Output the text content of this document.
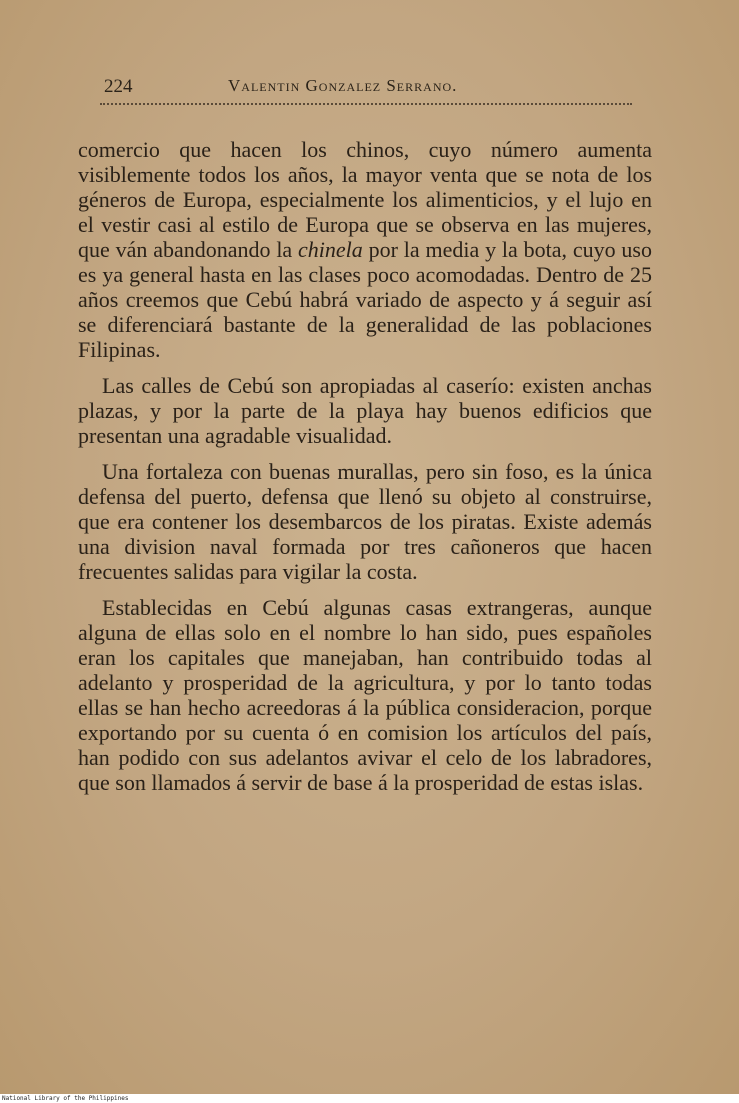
224	Valentin Gonzalez Serrano.

comercio que hacen los chinos, cuyo número aumenta visiblemente todos los años, la mayor venta que se nota de los géneros de Europa, especialmente los alimenticios, y el lujo en el vestir casi al estilo de Europa que se observa en las mujeres, que ván abandonando la chinela por la media y la bota, cuyo uso es ya general hasta en las clases poco acomodadas. Dentro de 25 años creemos que Cebú habrá variado de aspecto y á seguir así se diferenciará bastante de la generalidad de las poblaciones Filipinas.

Las calles de Cebú son apropiadas al caserío: existen anchas plazas, y por la parte de la playa hay buenos edificios que presentan una agradable visualidad.

Una fortaleza con buenas murallas, pero sin foso, es la única defensa del puerto, defensa que llenó su objeto al construirse, que era contener los desembarcos de los piratas. Existe además una division naval formada por tres cañoneros que hacen frecuentes salidas para vigilar la costa.

Establecidas en Cebú algunas casas extrangeras, aunque alguna de ellas solo en el nombre lo han sido, pues españoles eran los capitales que manejaban, han contribuido todas al adelanto y prosperidad de la agricultura, y por lo tanto todas ellas se han hecho acreedoras á la pública consideracion, porque exportando por su cuenta ó en comision los artículos del país, han podido con sus adelantos avivar el celo de los labradores, que son llamados á servir de base á la prosperidad de estas islas.

National Library of the Philippines
